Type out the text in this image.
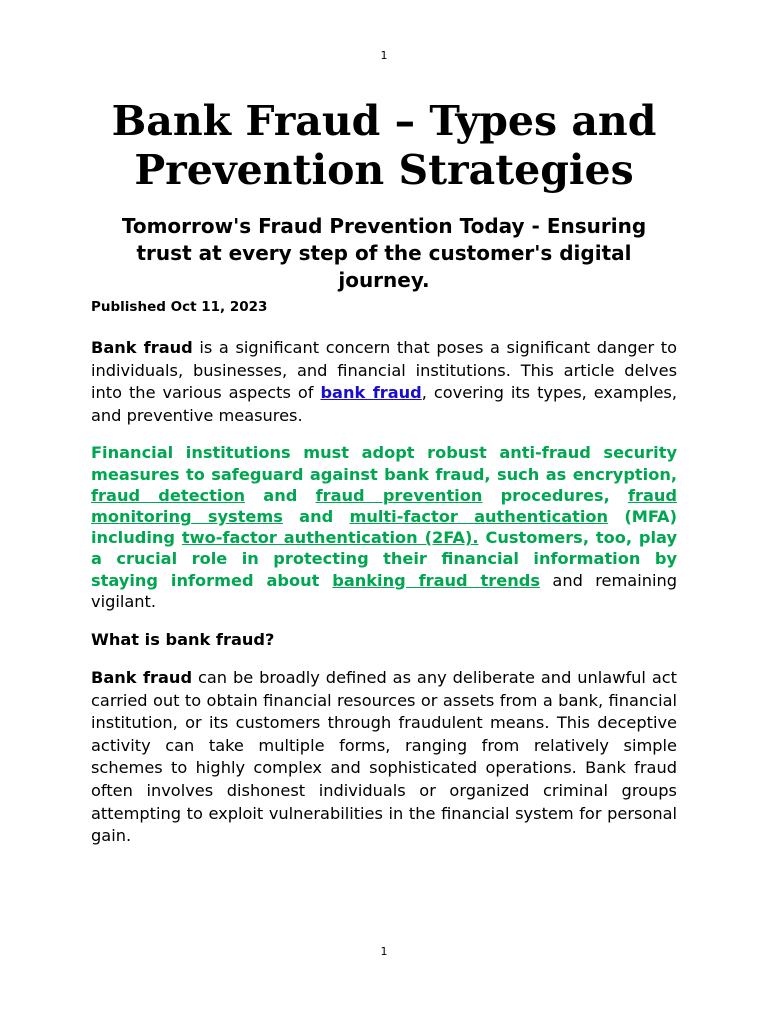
1
Bank Fraud – Types and Prevention Strategies
Tomorrow's Fraud Prevention Today - Ensuring trust at every step of the customer's digital journey.
Published Oct 11, 2023

Bank fraud is a significant concern that poses a significant danger to individuals, businesses, and financial institutions. This article delves into the various aspects of bank fraud, covering its types, examples, and preventive measures.

Financial institutions must adopt robust anti-fraud security measures to safeguard against bank fraud, such as encryption, fraud detection and fraud prevention procedures, fraud monitoring systems and multi-factor authentication (MFA) including two-factor authentication (2FA). Customers, too, play a crucial role in protecting their financial information by staying informed about banking fraud trends and remaining vigilant.

What is bank fraud?

Bank fraud can be broadly defined as any deliberate and unlawful act carried out to obtain financial resources or assets from a bank, financial institution, or its customers through fraudulent means. This deceptive activity can take multiple forms, ranging from relatively simple schemes to highly complex and sophisticated operations. Bank fraud often involves dishonest individuals or organized criminal groups attempting to exploit vulnerabilities in the financial system for personal gain.

1
